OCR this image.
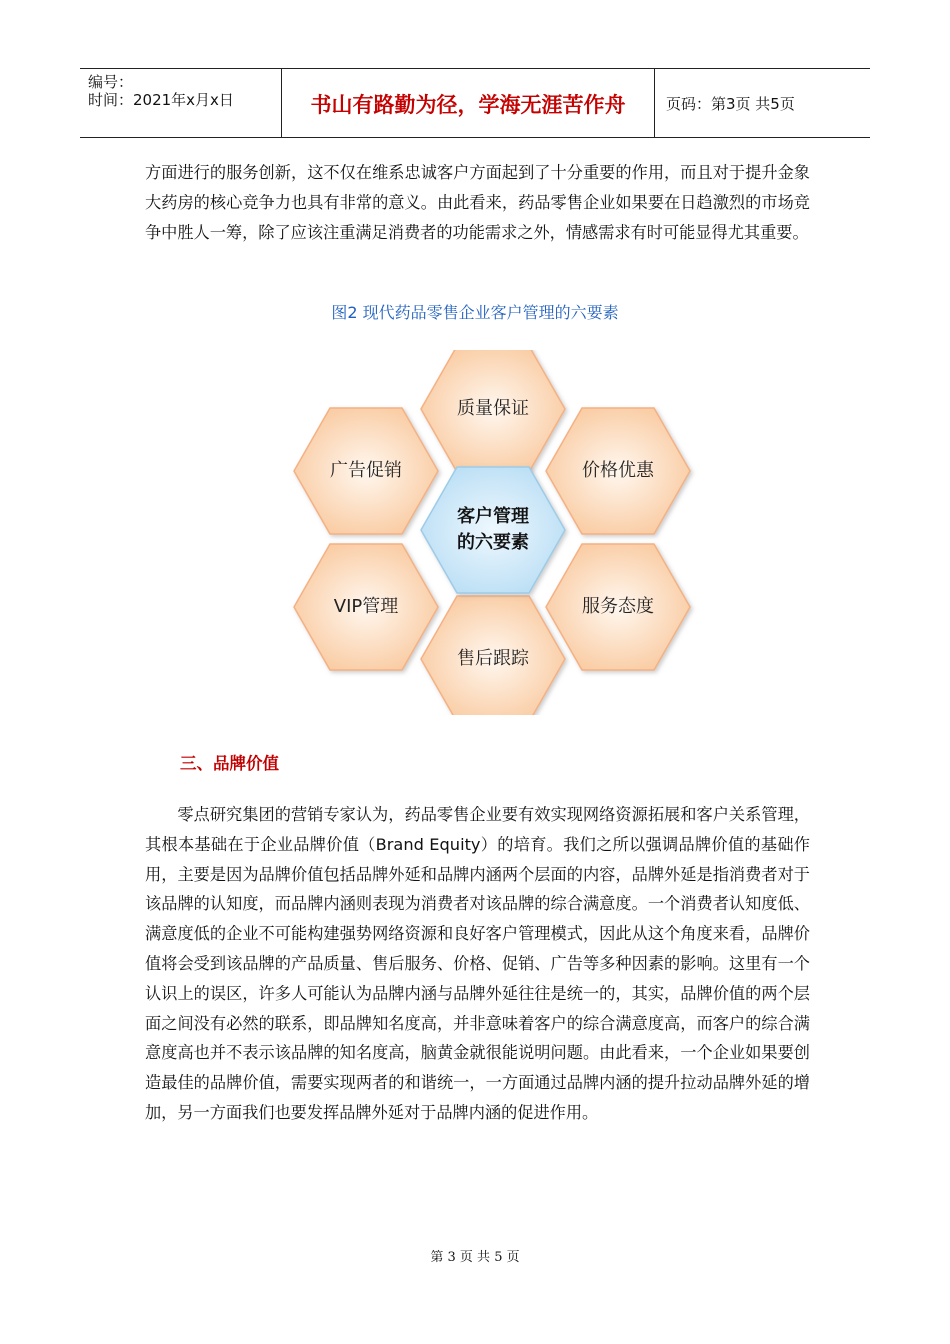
编号：
时间：2021年x月x日	书山有路勤为径，学海无涯苦作舟	页码：第3页 共5页

方面进行的服务创新，这不仅在维系忠诚客户方面起到了十分重要的作用，而且对于提升金象大药房的核心竞争力也具有非常的意义。由此看来，药品零售企业如果要在日趋激烈的市场竞争中胜人一筹，除了应该注重满足消费者的功能需求之外，情感需求有时可能显得尤其重要。

图2 现代药品零售企业客户管理的六要素
质量保证
价格优惠
服务态度
售后跟踪
VIP管理
广告促销
客户管理
的六要素
三、品牌价值

零点研究集团的营销专家认为，药品零售企业要有效实现网络资源拓展和客户关系管理，其根本基础在于企业品牌价值（Brand Equity）的培育。我们之所以强调品牌价值的基础作用，主要是因为品牌价值包括品牌外延和品牌内涵两个层面的内容，品牌外延是指消费者对于该品牌的认知度，而品牌内涵则表现为消费者对该品牌的综合满意度。一个消费者认知度低、满意度低的企业不可能构建强势网络资源和良好客户管理模式，因此从这个角度来看，品牌价值将会受到该品牌的产品质量、售后服务、价格、促销、广告等多种因素的影响。这里有一个认识上的误区，许多人可能认为品牌内涵与品牌外延往往是统一的，其实，品牌价值的两个层面之间没有必然的联系，即品牌知名度高，并非意味着客户的综合满意度高，而客户的综合满意度高也并不表示该品牌的知名度高，脑黄金就很能说明问题。由此看来，一个企业如果要创造最佳的品牌价值，需要实现两者的和谐统一，一方面通过品牌内涵的提升拉动品牌外延的增加，另一方面我们也要发挥品牌外延对于品牌内涵的促进作用。

第 3 页 共 5 页
